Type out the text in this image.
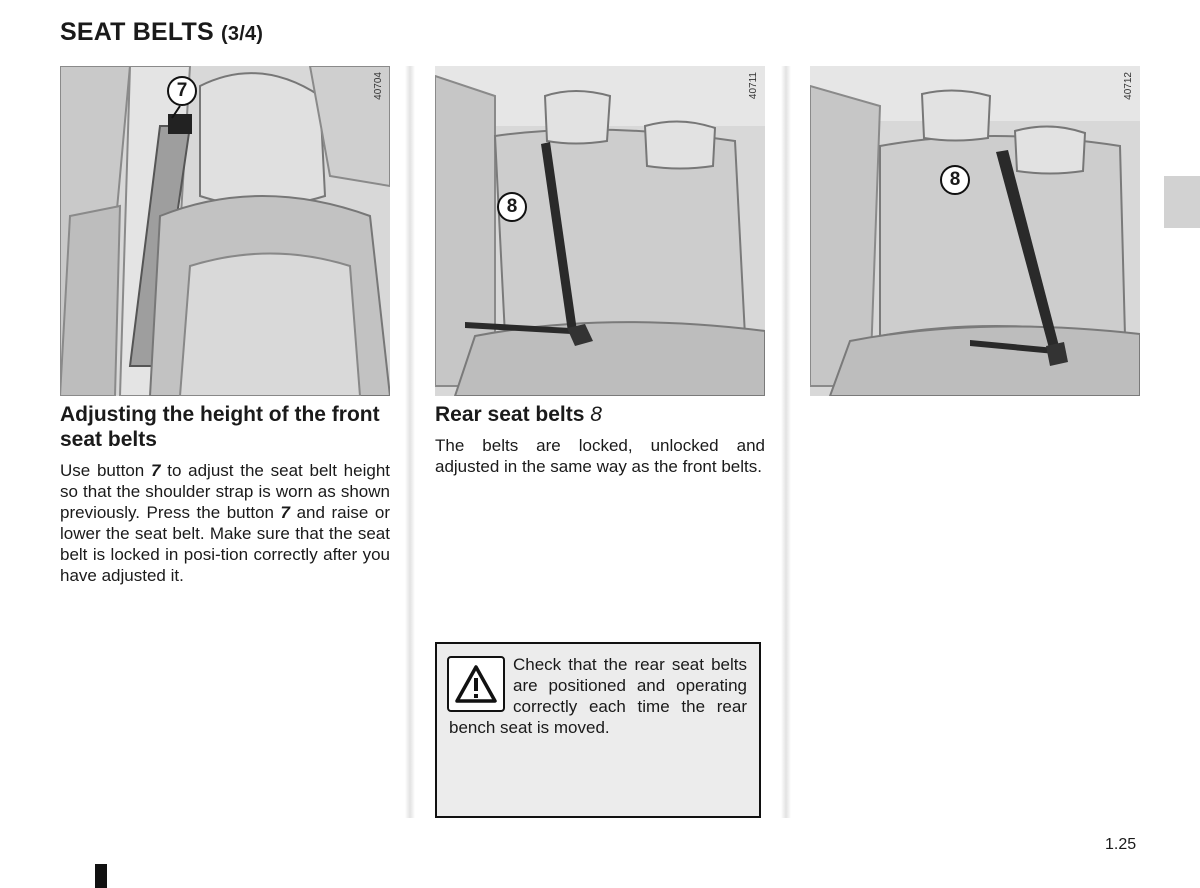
SEAT BELTS (3/4)
7	40704
8
40711
8
40712
Adjusting the height of the front seat belts

Use button 7 to adjust the seat belt height so that the shoulder strap is worn as shown previously. Press the button 7 and raise or lower the seat belt. Make sure that the seat belt is locked in posi-tion correctly after you have adjusted it.

Rear seat belts 8

The belts are locked, unlocked and adjusted in the same way as the front belts.

Check that the rear seat belts are positioned and operating correctly each time the rear bench seat is moved.

1.25
